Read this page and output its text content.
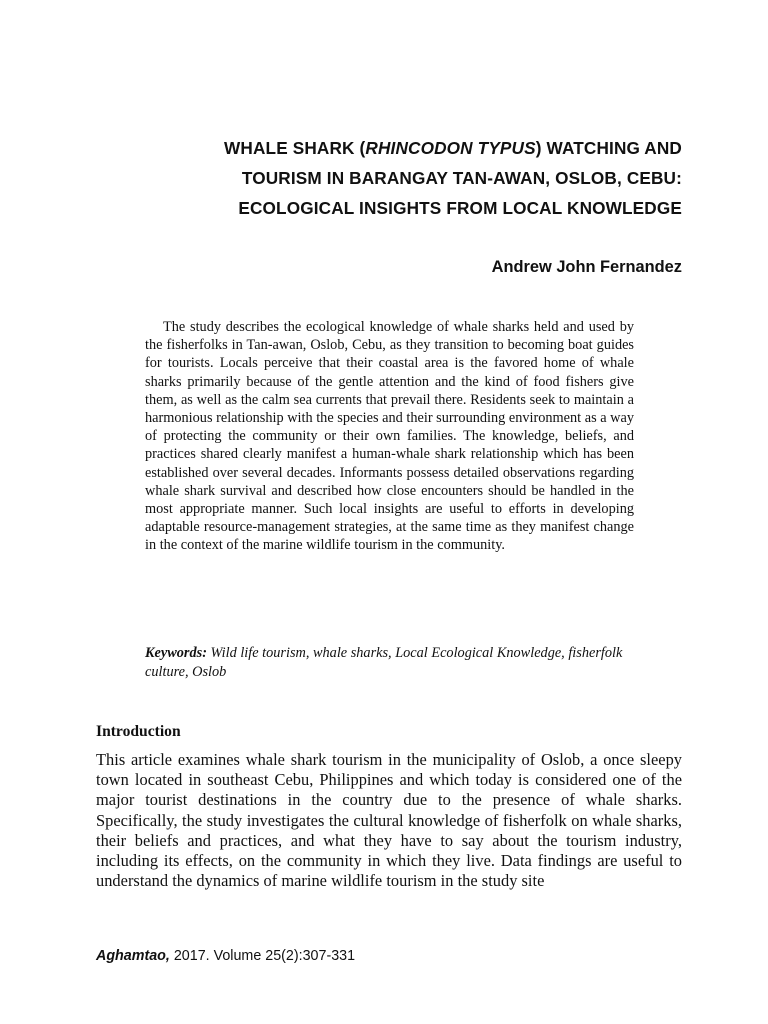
WHALE SHARK (RHINCODON TYPUS) WATCHING AND
TOURISM IN BARANGAY TAN-AWAN, OSLOB, CEBU:
ECOLOGICAL INSIGHTS FROM LOCAL KNOWLEDGE
Andrew John Fernandez

The study describes the ecological knowledge of whale sharks held and used by the fisherfolks in Tan-awan, Oslob, Cebu, as they transition to becoming boat guides for tourists. Locals perceive that their coastal area is the favored home of whale sharks primarily because of the gentle attention and the kind of food fishers give them, as well as the calm sea currents that prevail there. Residents seek to maintain a harmonious relationship with the species and their surrounding environment as a way of protecting the community or their own families. The knowledge, beliefs, and practices shared clearly manifest a human-whale shark relationship which has been established over several decades. Informants possess detailed observations regarding whale shark survival and described how close encounters should be handled in the most appropriate manner. Such local insights are useful to efforts in developing adaptable resource-management strategies, at the same time as they manifest change in the context of the marine wildlife tourism in the community.

Keywords: Wild life tourism, whale sharks, Local Ecological Knowledge, fisherfolk culture, Oslob
Introduction

This article examines whale shark tourism in the municipality of Oslob, a once sleepy town located in southeast Cebu, Philippines and which today is considered one of the major tourist destinations in the country due to the presence of whale sharks. Specifically, the study investigates the cultural knowledge of fisherfolk on whale sharks, their beliefs and practices, and what they have to say about the tourism industry, including its effects, on the community in which they live. Data findings are useful to understand the dynamics of marine wildlife tourism in the study site

Aghamtao, 2017. Volume 25(2):307-331
